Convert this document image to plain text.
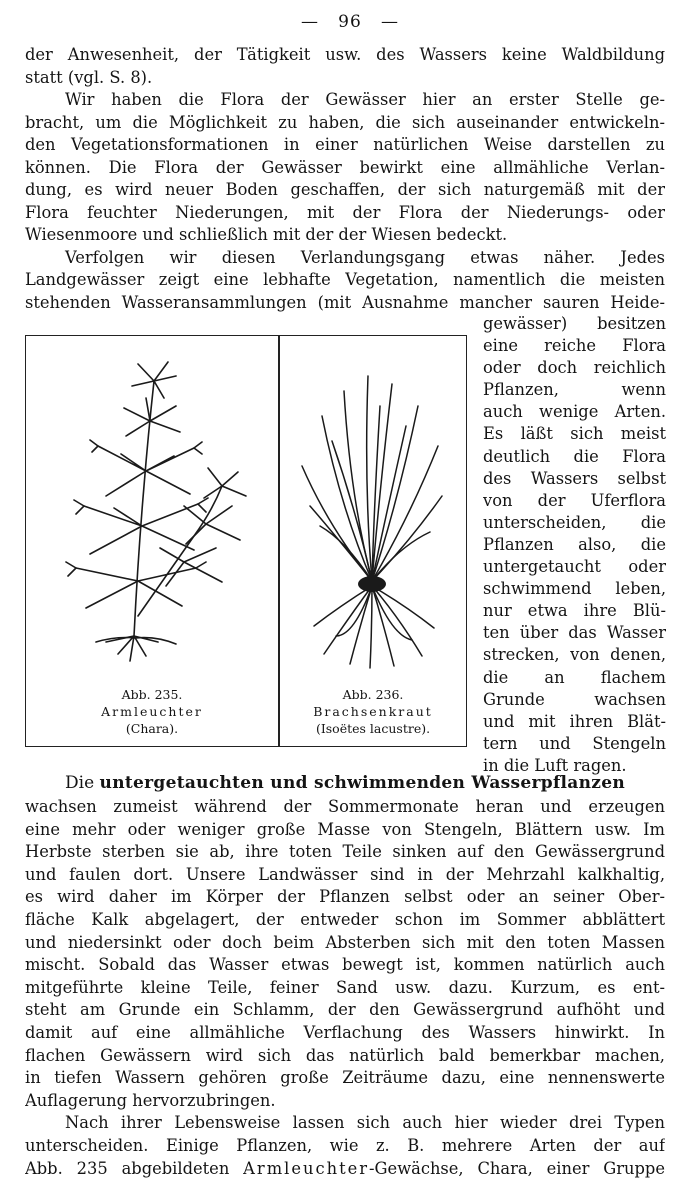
— 96 —
der Anwesenheit, der Tätigkeit usw. des Wassers keine Waldbildung
statt (vgl. S. 8).
Wir haben die Flora der Gewässer hier an erster Stelle ge-
bracht, um die Möglichkeit zu haben, die sich auseinander entwickeln-
den Vegetationsformationen in einer natürlichen Weise darstellen zu
können. Die Flora der Gewässer bewirkt eine allmähliche Verlan-
dung, es wird neuer Boden geschaffen, der sich naturgemäß mit der
Flora feuchter Niederungen, mit der Flora der Niederungs- oder
Wiesenmoore und schließlich mit der der Wiesen bedeckt.
Verfolgen wir diesen Verlandungsgang etwas näher. Jedes
Landgewässer zeigt eine lebhafte Vegetation, namentlich die meisten
stehenden Wasseransammlungen (mit Ausnahme mancher sauren Heide-
Abb. 235.
Armleuchter
(Chara).
Abb. 236.
Brachsenkraut
(Isoëtes lacustre).
gewässer) besitzen
eine reiche Flora
oder doch reichlich
Pflanzen, wenn
auch wenige Arten.
Es läßt sich meist
deutlich die Flora
des Wassers selbst
von der Uferflora
unterscheiden, die
Pflanzen also, die
untergetaucht oder
schwimmend leben,
nur etwa ihre Blü-
ten über das Wasser
strecken, von denen,
die an flachem
Grunde wachsen
und mit ihren Blät-
tern und Stengeln
in die Luft ragen.
Die untergetauchten und schwimmenden Wasserpflanzen
wachsen zumeist während der Sommermonate heran und erzeugen
eine mehr oder weniger große Masse von Stengeln, Blättern usw. Im
Herbste sterben sie ab, ihre toten Teile sinken auf den Gewässergrund
und faulen dort. Unsere Landwässer sind in der Mehrzahl kalkhaltig,
es wird daher im Körper der Pflanzen selbst oder an seiner Ober-
fläche Kalk abgelagert, der entweder schon im Sommer abblättert
und niedersinkt oder doch beim Absterben sich mit den toten Massen
mischt. Sobald das Wasser etwas bewegt ist, kommen natürlich auch
mitgeführte kleine Teile, feiner Sand usw. dazu. Kurzum, es ent-
steht am Grunde ein Schlamm, der den Gewässergrund aufhöht und
damit auf eine allmähliche Verflachung des Wassers hinwirkt. In
flachen Gewässern wird sich das natürlich bald bemerkbar machen,
in tiefen Wassern gehören große Zeiträume dazu, eine nennenswerte
Auflagerung hervorzubringen.
Nach ihrer Lebensweise lassen sich auch hier wieder drei Typen
unterscheiden. Einige Pflanzen, wie z. B. mehrere Arten der auf
Abb. 235 abgebildeten Armleuchter-Gewächse, Chara, einer Gruppe
